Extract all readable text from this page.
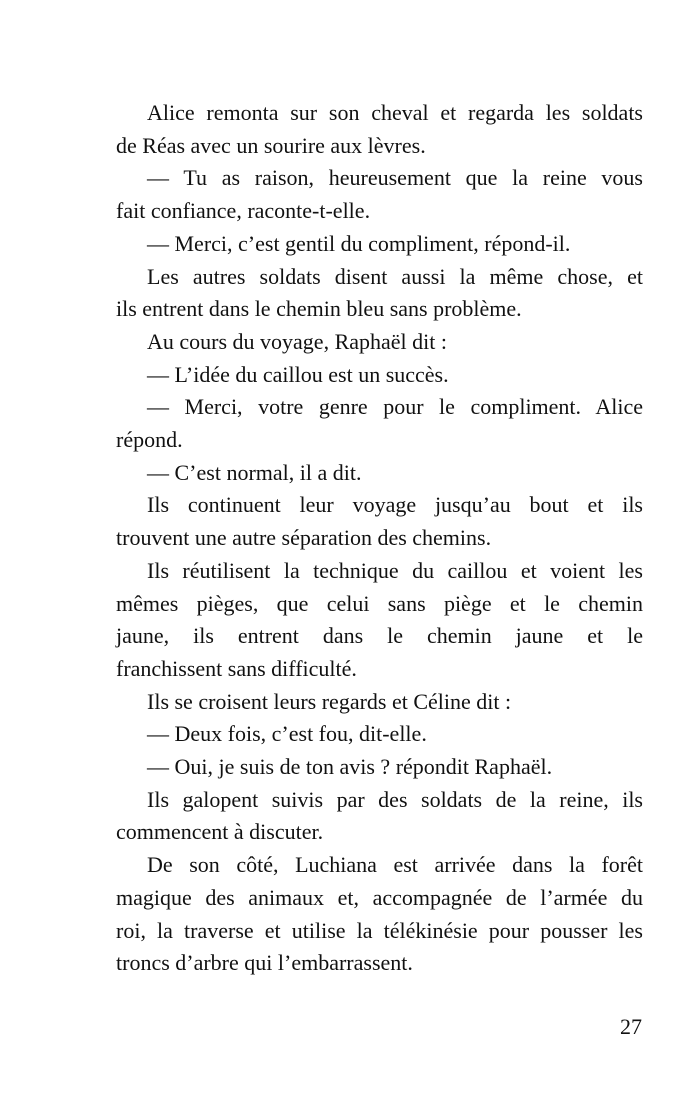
Alice remonta sur son cheval et regarda les soldats
de Réas avec un sourire aux lèvres.
— Tu as raison, heureusement que la reine vous
fait confiance, raconte-t-elle.
— Merci, c’est gentil du compliment, répond-il.
Les autres soldats disent aussi la même chose, et
ils entrent dans le chemin bleu sans problème.
Au cours du voyage, Raphaël dit :
— L’idée du caillou est un succès.
— Merci, votre genre pour le compliment. Alice
répond.
— C’est normal, il a dit.
Ils continuent leur voyage jusqu’au bout et ils
trouvent une autre séparation des chemins.
Ils réutilisent la technique du caillou et voient les
mêmes pièges, que celui sans piège et le chemin
jaune, ils entrent dans le chemin jaune et le
franchissent sans difficulté.
Ils se croisent leurs regards et Céline dit :
— Deux fois, c’est fou, dit-elle.
— Oui, je suis de ton avis ? répondit Raphaël.
Ils galopent suivis par des soldats de la reine, ils
commencent à discuter.
De son côté, Luchiana est arrivée dans la forêt
magique des animaux et, accompagnée de l’armée du
roi, la traverse et utilise la télékinésie pour pousser les
troncs d’arbre qui l’embarrassent.
27
